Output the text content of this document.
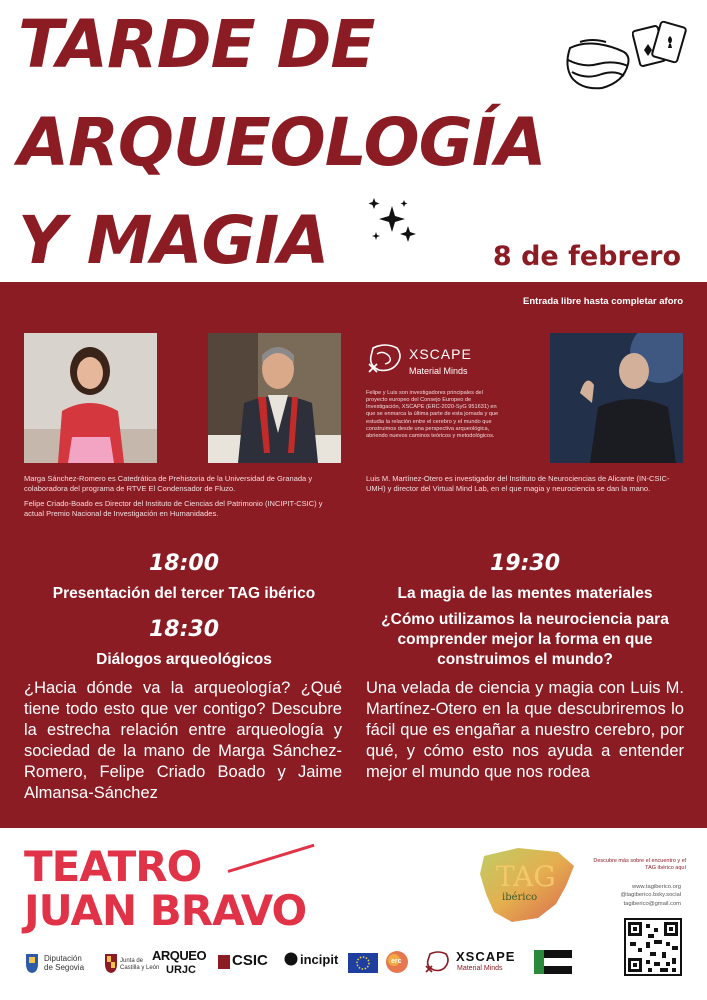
TARDE DE
ARQUEOLOGÍA
Y MAGIA	8 de febrero
Entrada libre hasta completar aforo
XSCAPE
Material Minds
Felipe y Luis son investigadores principales del proyecto europeo del Consejo Europeo de Investigación, XSCAPE (ERC-2020-SyG 951631) en que se enmarca la última parte de esta jornada y que estudia la relación entre el cerebro y el mundo que construimos desde una perspectiva arqueológica, abriendo nuevos caminos teóricos y metodológicos.
Marga Sánchez-Romero es Catedrática de Prehistoria de la Universidad de Granada y colaboradora del programa de RTVE El Condensador de Fluzo.
Felipe Criado-Boado es Director del Instituto de Ciencias del Patrimonio (INCIPIT-CSIC) y actual Premio Nacional de Investigación en Humanidades.
Luis M. Martínez-Otero es investigador del Instituto de Neurociencias de Alicante (IN-CSIC-UMH) y director del Virtual Mind Lab, en el que magia y neurociencia se dan la mano.
18:00
Presentación del tercer TAG ibérico
18:30
Diálogos arqueológicos
¿Hacia dónde va la arqueología? ¿Qué tiene todo esto que ver contigo? Descubre la estrecha relación entre arqueología y sociedad de la mano de Marga Sánchez-Romero, Felipe Criado Boado y Jaime Almansa-Sánchez
19:30
La magia de las mentes materiales
¿Cómo utilizamos la neurociencia para comprender mejor la forma en que construimos el mundo?
Una velada de ciencia y magia con Luis M. Martínez-Otero en la que descubriremos lo fácil que es engañar a nuestro cerebro, por qué, y cómo esto nos ayuda a entender mejor el mundo que nos rodea
TEATRO
JUAN BRAVO
TAG
ibérico
Descubre más sobre el encuentro y el TAG ibérico aquí
www.tagiberico.org
@tagiberico.bsky.social
tagiberico@gmail.com
Diputación
de Segovia
Junta de
Castilla y León
ARQUEO
URJC
CSIC incipit	erc	XSCAPE
Material Minds
